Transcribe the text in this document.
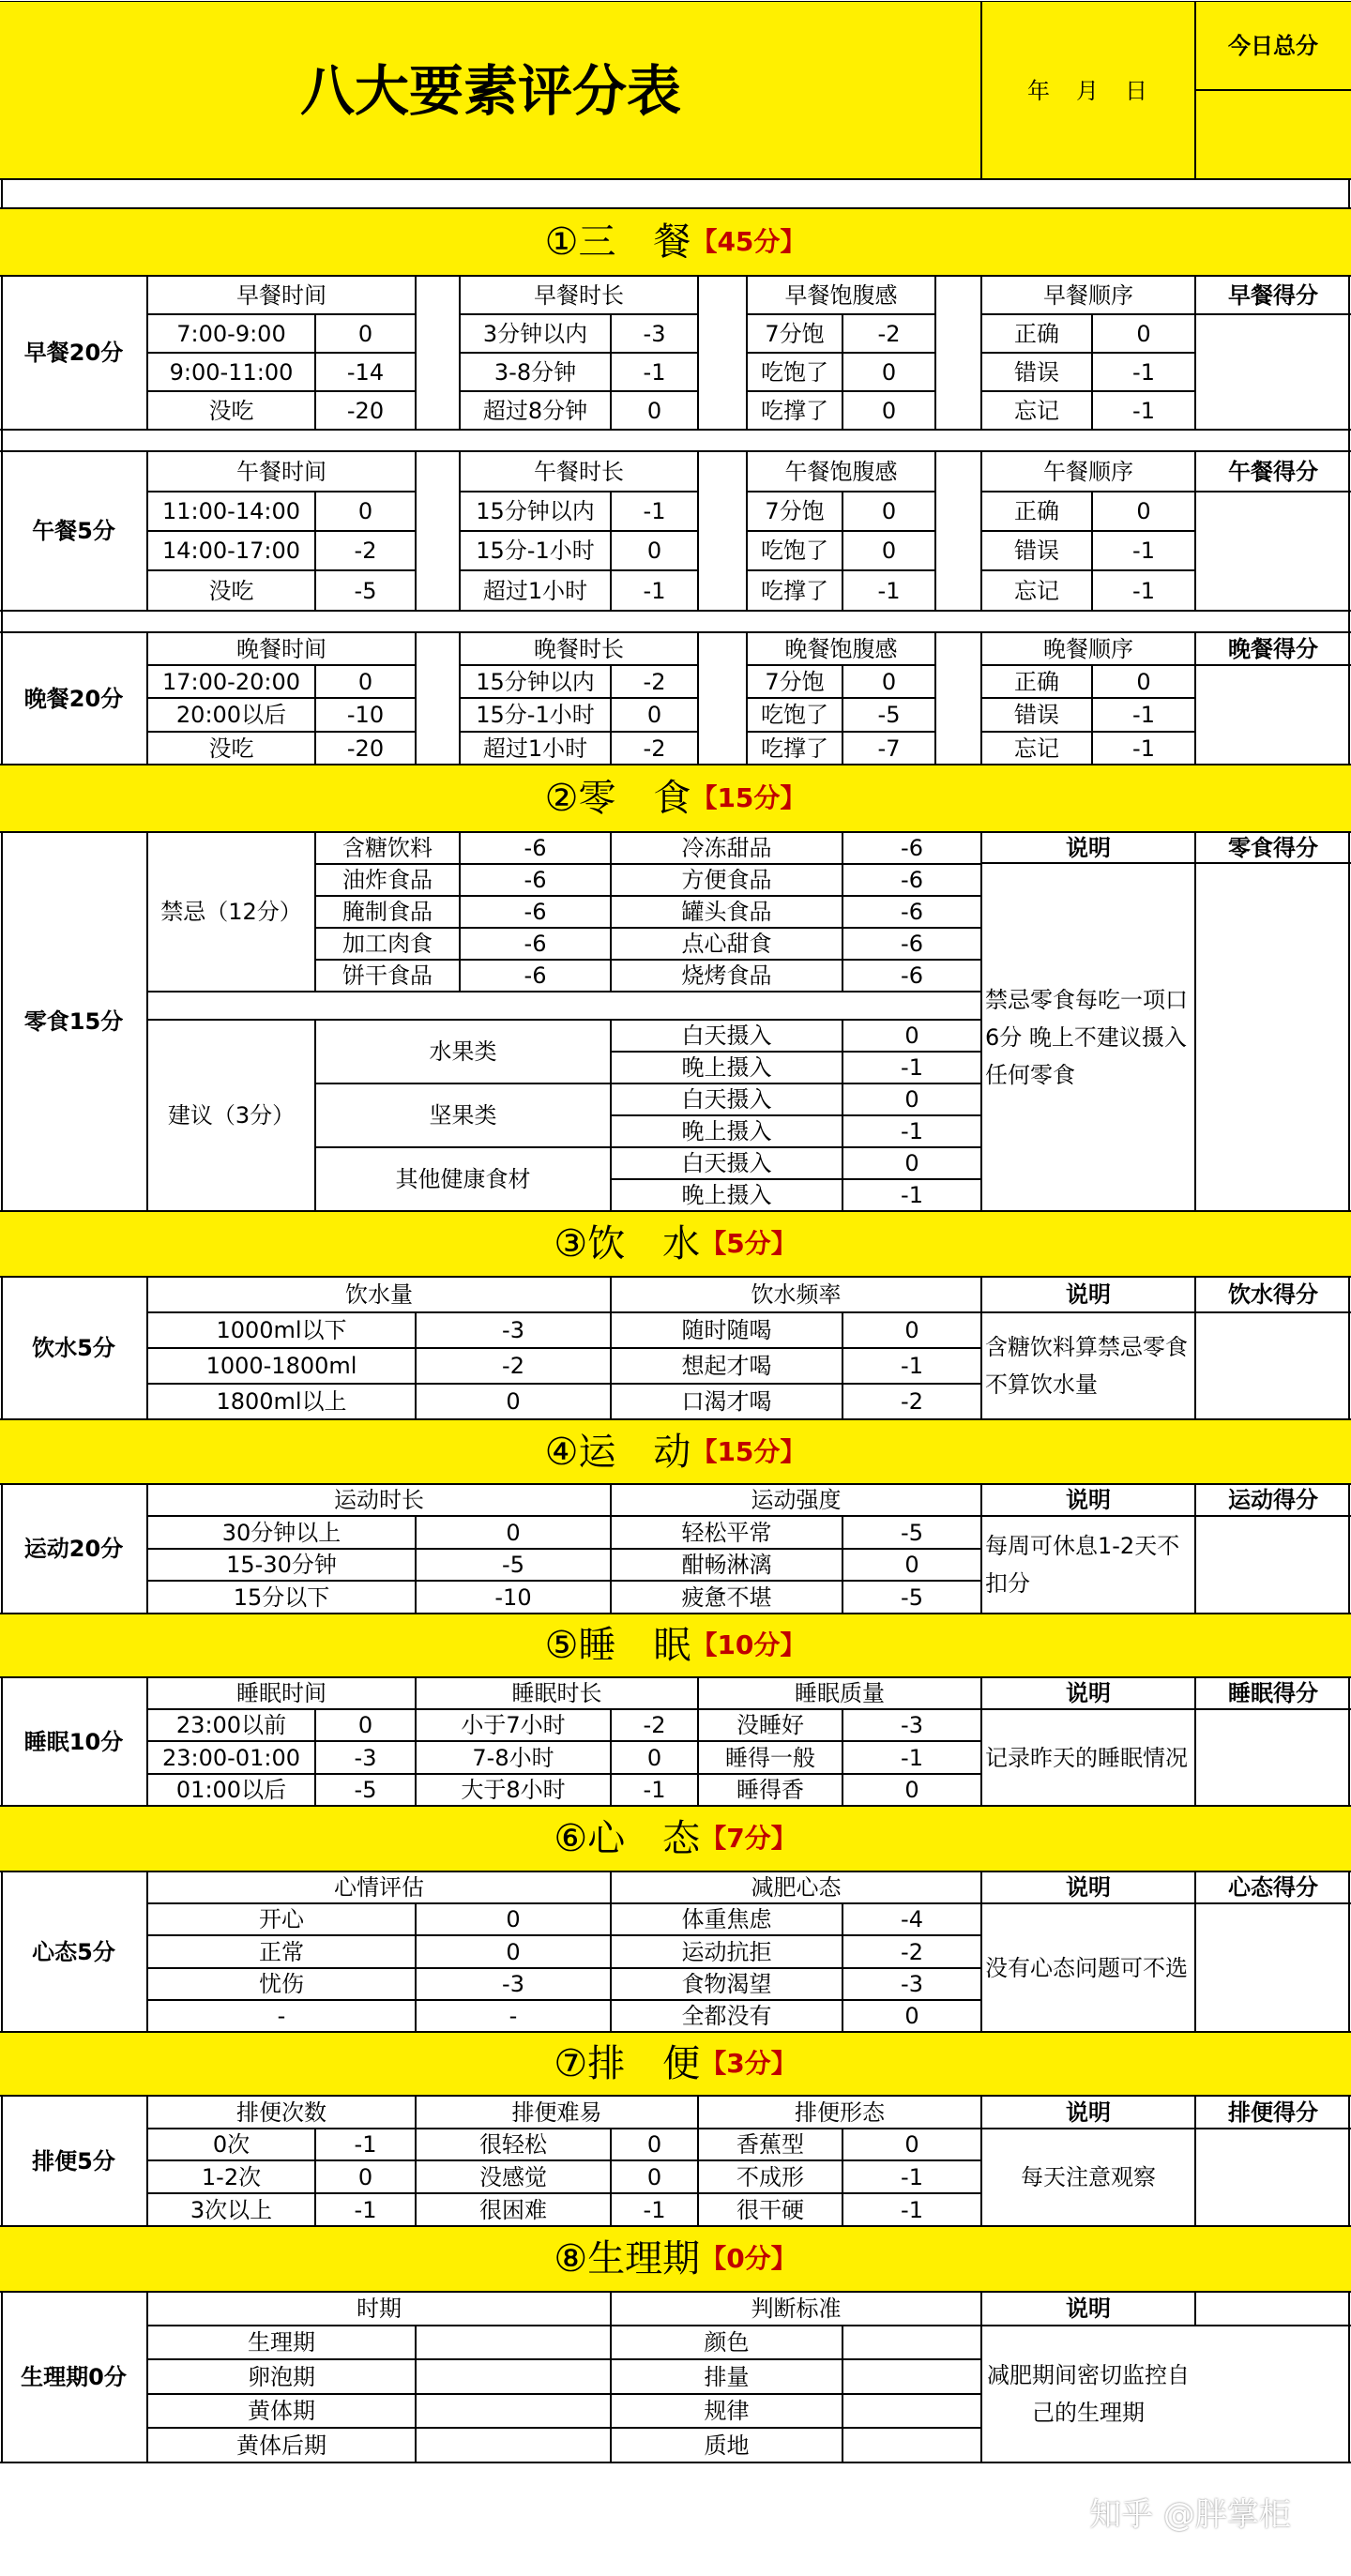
八大要素评分表	年　月　日
今日总分
①三　餐 【45分】
早餐20分
早餐得分
早餐时间
7:00-9:00	0
9:00-11:00	-14
没吃	-20
早餐时长
3分钟以内	-3
3-8分钟	-1
超过8分钟	0
早餐饱腹感
7分饱	-2
吃饱了	0
吃撑了	0
早餐顺序
正确	0
错误	-1
忘记	-1
午餐5分
午餐得分
午餐时间
11:00-14:00	0
14:00-17:00	-2
没吃	-5
午餐时长
15分钟以内	-1
15分-1小时	0
超过1小时	-1
午餐饱腹感
7分饱	0
吃饱了	0
吃撑了	-1
午餐顺序
正确	0
错误	-1
忘记	-1
晚餐20分
晚餐得分
晚餐时间
17:00-20:00	0
20:00以后	-10
没吃	-20
晚餐时长
15分钟以内	-2
15分-1小时	0
超过1小时	-2
晚餐饱腹感
7分饱	0
吃饱了	-5
吃撑了	-7
晚餐顺序
正确	0
错误	-1
忘记	-1
②零　食 【15分】
零食15分
说明	零食得分
禁忌零食每吃一项口6分 晚上不建议摄入任何零食
禁忌（12分）
含糖饮料	-6	冷冻甜品	-6
油炸食品	-6	方便食品	-6
腌制食品	-6	罐头食品	-6
加工肉食	-6	点心甜食	-6
饼干食品	-6	烧烤食品	-6
建议（3分）
水果类
白天摄入	0
晚上摄入	-1
坚果类
白天摄入	0
晚上摄入	-1
其他健康食材
白天摄入	0
晚上摄入	-1
③饮　水 【5分】
饮水5分
饮水量	饮水频率	说明	饮水得分
1000ml以下	-3	随时随喝	0
1000-1800ml	-2	想起才喝	-1
1800ml以上	0	口渴才喝	-2
含糖饮料算禁忌零食 不算饮水量
④运　动 【15分】
运动20分
运动时长	运动强度	说明	运动得分
30分钟以上	0	轻松平常	-5
15-30分钟	-5	酣畅淋漓	0
15分以下	-10	疲惫不堪	-5
每周可休息1-2天不扣分
⑤睡　眠 【10分】
睡眠10分
睡眠时间	睡眠时长	睡眠质量	说明	睡眠得分
23:00以前	0	小于7小时	-2	没睡好	-3
23:00-01:00	-3	7-8小时	0	睡得一般	-1
01:00以后	-5	大于8小时	-1	睡得香	0
记录昨天的睡眠情况
⑥心　态 【7分】
心态5分
心情评估	减肥心态	说明	心态得分
开心	0	体重焦虑	-4
正常	0	运动抗拒	-2
忧伤	-3	食物渴望	-3
-	-	全都没有	0
没有心态问题可不选
⑦排　便 【3分】
排便5分
排便次数	排便难易	排便形态	说明	排便得分
0次	-1	很轻松	0	香蕉型	0
1-2次	0	没感觉	0	不成形	-1
3次以上	-1	很困难	-1	很干硬	-1
每天注意观察
⑧生理期 【0分】
生理期0分
时期	判断标准	说明
生理期	颜色
卵泡期	排量
黄体期	规律
黄体后期	质地
减肥期间密切监控自己的生理期
知乎 @胖掌柜
